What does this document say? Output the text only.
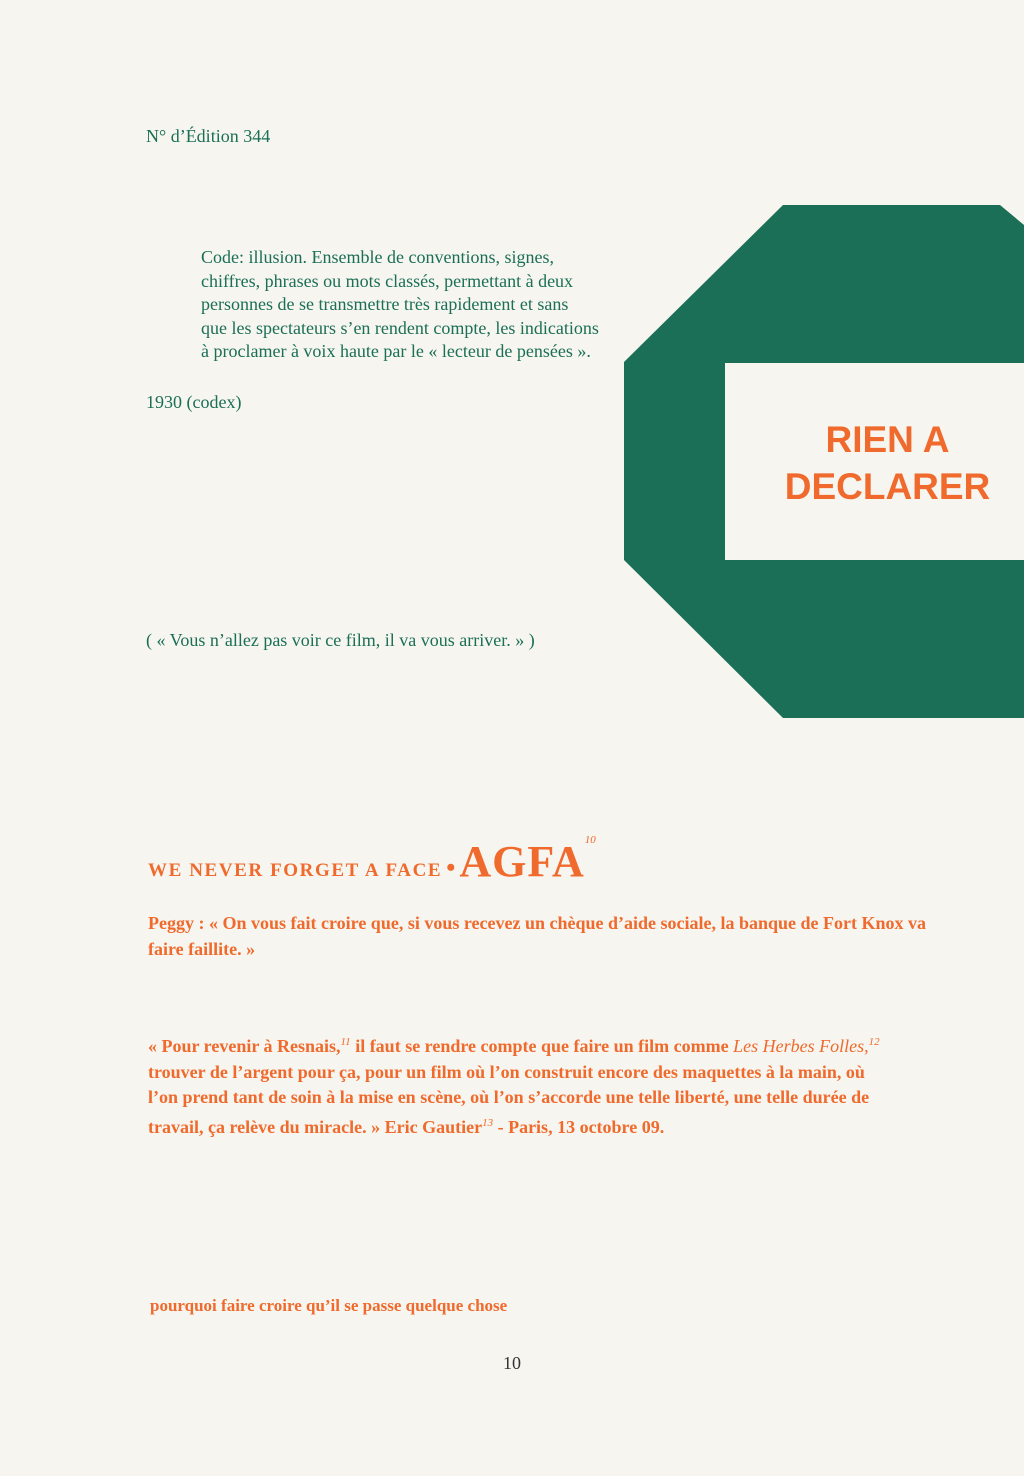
N° d’Édition 344

Code: illusion. Ensemble de conventions, signes,
chiffres, phrases ou mots classés, permettant à deux
personnes de se transmettre très rapidement et sans
que les spectateurs s’en rendent compte, les indications
à proclamer à voix haute par le « lecteur de pensées ».

1930 (codex)
RIEN A
DECLARER
( « Vous n’allez pas voir ce film, il va vous arriver. » )
WE NEVER FORGET A FACE • AGFA$^{10}$

Peggy : « On vous fait croire que, si vous recevez un chèque d’aide sociale, la banque de Fort Knox va faire faillite. »

« Pour revenir à Resnais,$^{11}$ il faut se rendre compte que faire un film comme Les Herbes Folles,$^{12}$
trouver de l’argent pour ça, pour un film où l’on construit encore des maquettes à la main, où
l’on prend tant de soin à la mise en scène, où l’on s’accorde une telle liberté, une telle durée de
travail, ça relève du miracle. » Eric Gautier$^{13}$ - Paris, 13 octobre 09.

pourquoi faire croire qu’il se passe quelque chose
10
